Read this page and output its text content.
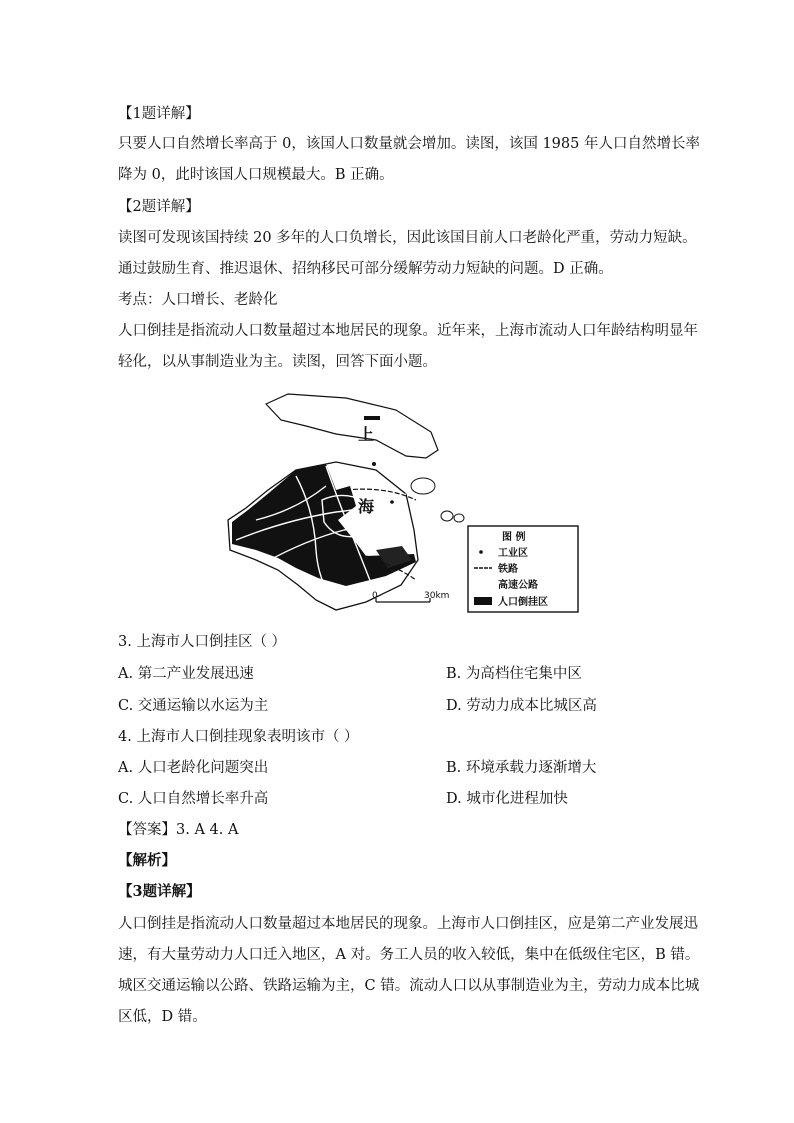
【1题详解】
只要人口自然增长率高于 0，该国人口数量就会增加。读图，该国 1985 年人口自然增长率
降为 0，此时该国人口规模最大。B 正确。
【2题详解】
读图可发现该国持续 20 多年的人口负增长，因此该国目前人口老龄化严重，劳动力短缺。
通过鼓励生育、推迟退休、招纳移民可部分缓解劳动力短缺的问题。D 正确。
考点：人口增长、老龄化
人口倒挂是指流动人口数量超过本地居民的现象。近年来，上海市流动人口年龄结构明显年
上
海
0	30km
图 例
工业区
铁路
高速公路
人口倒挂区
3. 上海市人口倒挂区（ ）
A. 第二产业发展迅速	B. 为高档住宅集中区
C. 交通运输以水运为主	D. 劳动力成本比城区高
4. 上海市人口倒挂现象表明该市（ ）
A. 人口老龄化问题突出	B. 环境承载力逐渐增大
C. 人口自然增长率升高	D. 城市化进程加快
【答案】3. A 4. A
【解析】
【3题详解】
人口倒挂是指流动人口数量超过本地居民的现象。上海市人口倒挂区，应是第二产业发展迅
速，有大量劳动力人口迁入地区，A 对。务工人员的收入较低，集中在低级住宅区，B 错。
城区交通运输以公路、铁路运输为主，C 错。流动人口以从事制造业为主，劳动力成本比城
区低，D 错。
轻化，以从事制造业为主。读图，回答下面小题。
